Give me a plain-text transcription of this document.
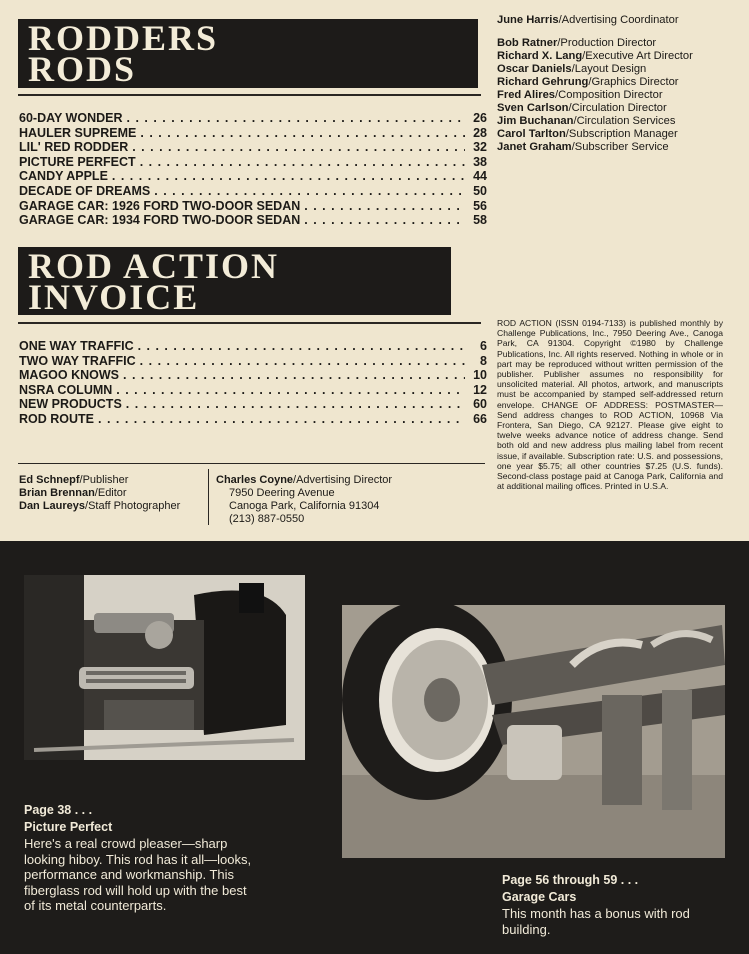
RODDERS
RODS
60-DAY WONDER . . .	26
HAULER SUPREME . . .	28
LIL' RED RODDER . . .	32
PICTURE PERFECT . . .	38
CANDY APPLE . . .	44
DECADE OF DREAMS . . .	50
GARAGE CAR: 1926 FORD TWO-DOOR SEDAN . . .	56
GARAGE CAR: 1934 FORD TWO-DOOR SEDAN . . .	58
ROD ACTION
INVOICE
ONE WAY TRAFFIC . . .	6
TWO WAY TRAFFIC . . .	8
MAGOO KNOWS . . .	10
NSRA COLUMN . . .	12
NEW PRODUCTS . . .	60
ROD ROUTE . . .	66
June Harris/Advertising Coordinator
Bob Ratner/Production Director
Richard X. Lang/Executive Art Director
Oscar Daniels/Layout Design
Richard Gehrung/Graphics Director
Fred Alires/Composition Director
Sven Carlson/Circulation Director
Jim Buchanan/Circulation Services
Carol Tarlton/Subscription Manager
Janet Graham/Subscriber Service
ROD ACTION (ISSN 0194-7133) is published monthly by Challenge Publications, Inc., 7950 Deering Ave., Canoga Park, CA 91304. Copyright ©1980 by Challenge Publications, Inc. All rights reserved. Nothing in whole or in part may be reproduced without written permission of the publisher. Publisher assumes no responsibility for unsolicited material. All photos, artwork, and manuscripts must be accompanied by stamped self-addressed return envelope. CHANGE OF ADDRESS: POSTMASTER—Send address changes to ROD ACTION, 10968 Via Frontera, San Diego, CA 92127. Please give eight to twelve weeks advance notice of address change. Send both old and new address plus mailing label from recent issue, if available. Subscription rate: U.S. and possessions, one year $5.75; all other countries $7.25 (U.S. funds). Second-class postage paid at Canoga Park, California and at additional mailing offices. Printed in U.S.A.
Ed Schnepf/Publisher
Brian Brennan/Editor
Dan Laureys/Staff Photographer
Charles Coyne/Advertising Director
7950 Deering Avenue
Canoga Park, California 91304
(213) 887-0550
Page 38 . . .
Picture Perfect
Here's a real crowd pleaser—sharp looking hiboy. This rod has it all—looks, performance and workmanship. This fiberglass rod will hold up with the best of its metal counterparts.
Page 56 through 59 . . .
Garage Cars
This month has a bonus with rod building.
